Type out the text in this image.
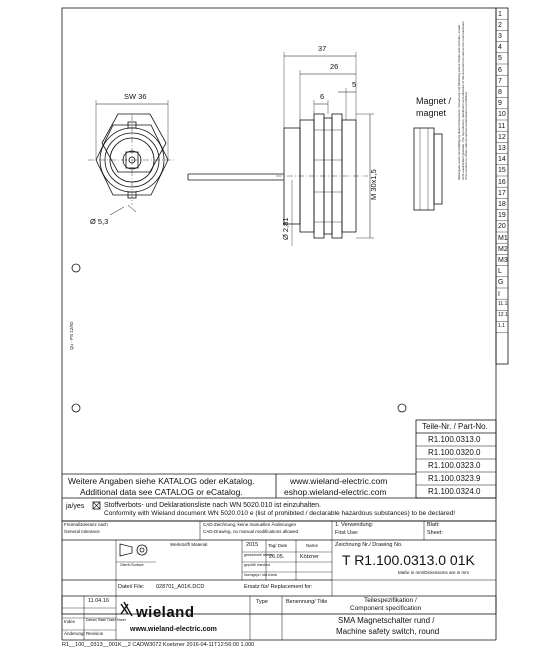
1
2
3
4
5
6
7
8
9
10
11
12
13
14
15
16
17
18
19
20
M1
M2
M3
L
G
I
11.1
12.1
1.1
SW 36
Ø 5,3
37
26
5
6
M 30x1,5
Ø 2,81
Magnet /
magnet
Qu - PS 12/92
Weitergabe sowie Vervielfältigung dieses Dokuments, Verwertung und Mitteilung seines Inhalts sind verboten, soweit nicht ausdrücklich gestattet. The reproduction, distribution and utilization of this document as well as the communication of its contents to others without express authorization is prohibited.
Teile-Nr. / Part-No.
R1.100.0313.0
R1.100.0320.0
R1.100.0323.0
R1.100.0323.9
R1.100.0324.0
Weitere Angaben siehe KATALOG oder eKatalog.
Additional data see CATALOG or eCatalog.
www.wieland-electric.com
eshop.wieland-electric.com
ja/yes	Stoffverbots- und Deklarationsliste nach WN 5020.010 ist einzuhalten.
Conformity with Wieland document WN 5020.010 e (list of prohibited / declarable hazardous substances) to be declared!
Freimaßtoleranz nach
General tolerance
CAD-Zeichnung, keine manuellen Änderungen
CAD-Drawing, no manual modifications allowed
1. Verwendung:
First Use:
Blatt:
Sheet:
Werkstoff/ Material	2015 Tag/ Date	Name
gezeichnet/ drawn
26.05.	Kötzner
geprüft/ checked
Normgepr./ std.check
Oberfl./Surface
Zeichnung Nr./ Drawing No.
T R1.100.0313.0 01K
Maße in mm/Dimensions are in mm
Datei/ File: 028701_A01K.DCD	Ersatz für/ Replacement for:
11.04.16
Index	Datum/ Blatt/ Date/ Sheet
Änderung/ Revision
wieland
www.wieland-electric.com
Type	Benennung/ Title	Teilespezifikation /
Component specification
SMA Magnetschalter rund /
Machine safety switch, round
R1__100__0313__001K__2 CADW3072 Koetzner 2016-04-11T12:56:00 1.000
